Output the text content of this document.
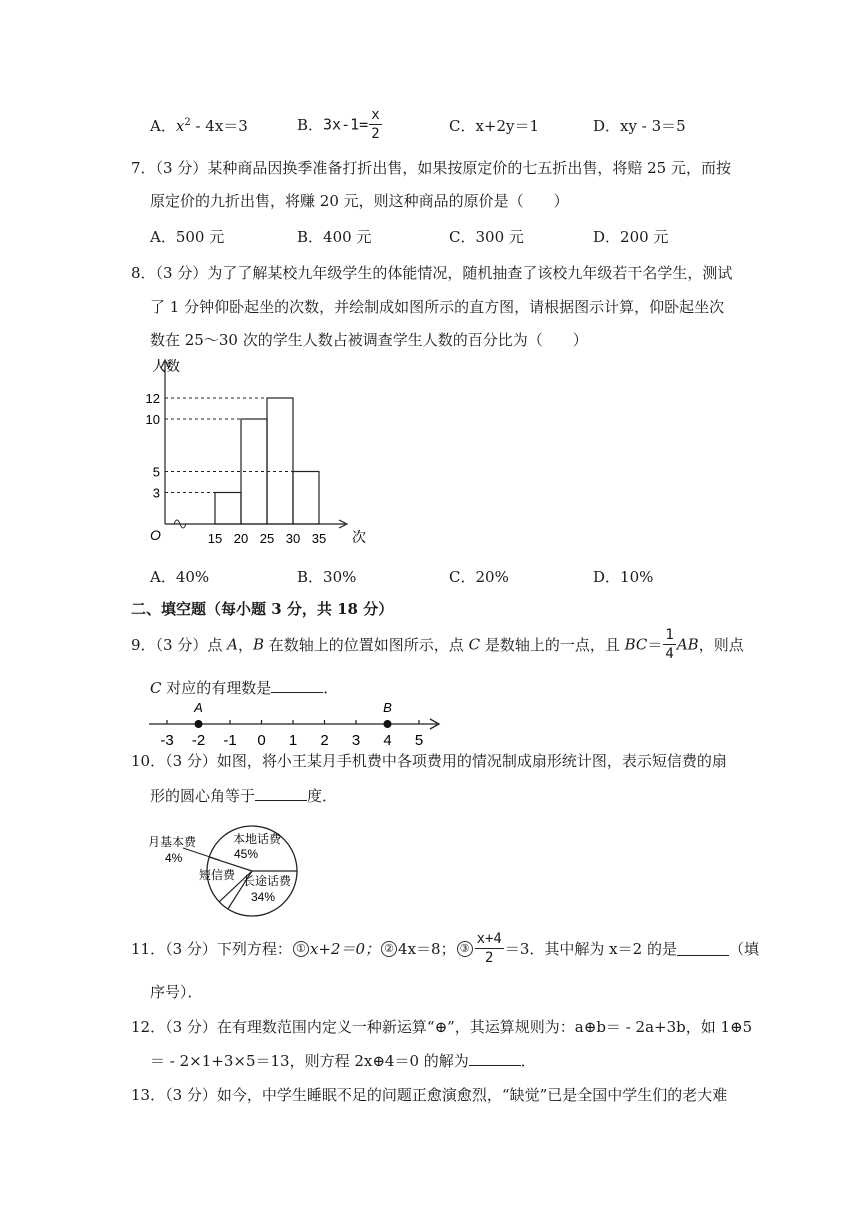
A．$x^2 - 4x=3$	B．$3x-1= \frac{x}{2}$	C．x+2y＝1	D．xy - 3＝5
7．（3 分）某种商品因换季准备打折出售，如果按原定价的七五折出售，将赔 25 元，而按
原定价的九折出售，将赚 20 元，则这种商品的原价是（　　）
A．500 元	B．400 元	C．300 元	D．200 元
8．（3 分）为了了解某校九年级学生的体能情况，随机抽查了该校九年级若干名学生，测试
了 1 分钟仰卧起坐的次数，并绘制成如图所示的直方图，请根据图示计算，仰卧起坐次
数在 25～30 次的学生人数占被调查学生人数的百分比为（　　）
人数
次
O
3
5
10
12
15 20 25 30 35
A．40%	B．30%	C．20%	D．10%
二、填空题（每小题 3 分，共 18 分）
9．（3 分）点 A，B 在数轴上的位置如图所示，点 C 是数轴上的一点，且 $BC= \frac{1}{4}$ AB，则点
C 对应的有理数是	．
-3 -2 -1 0 1 2 3 4 5
A	B
10．（3 分）如图，将小王某月手机费中各项费用的情况制成扇形统计图，表示短信费的扇
形的圆心角等于	度．
本地话费
45%
月基本费
4%
短信费 长途话费
34%
11．（3 分）下列方程： ① x+2＝0； ② 4x＝8； ③ $\frac{x+4}{2} =3$．其中解为 x＝2 的是	（填
序号）．
12．（3 分）在有理数范围内定义一种新运算“⊕”，其运算规则为：a⊕b＝ - 2a+3b，如 1⊕5
＝ - 2×1+3×5＝13，则方程 2x⊕4＝0 的解为	．
13．（3 分）如今，中学生睡眠不足的问题正愈演愈烈，“缺觉”已是全国中学生们的老大难
